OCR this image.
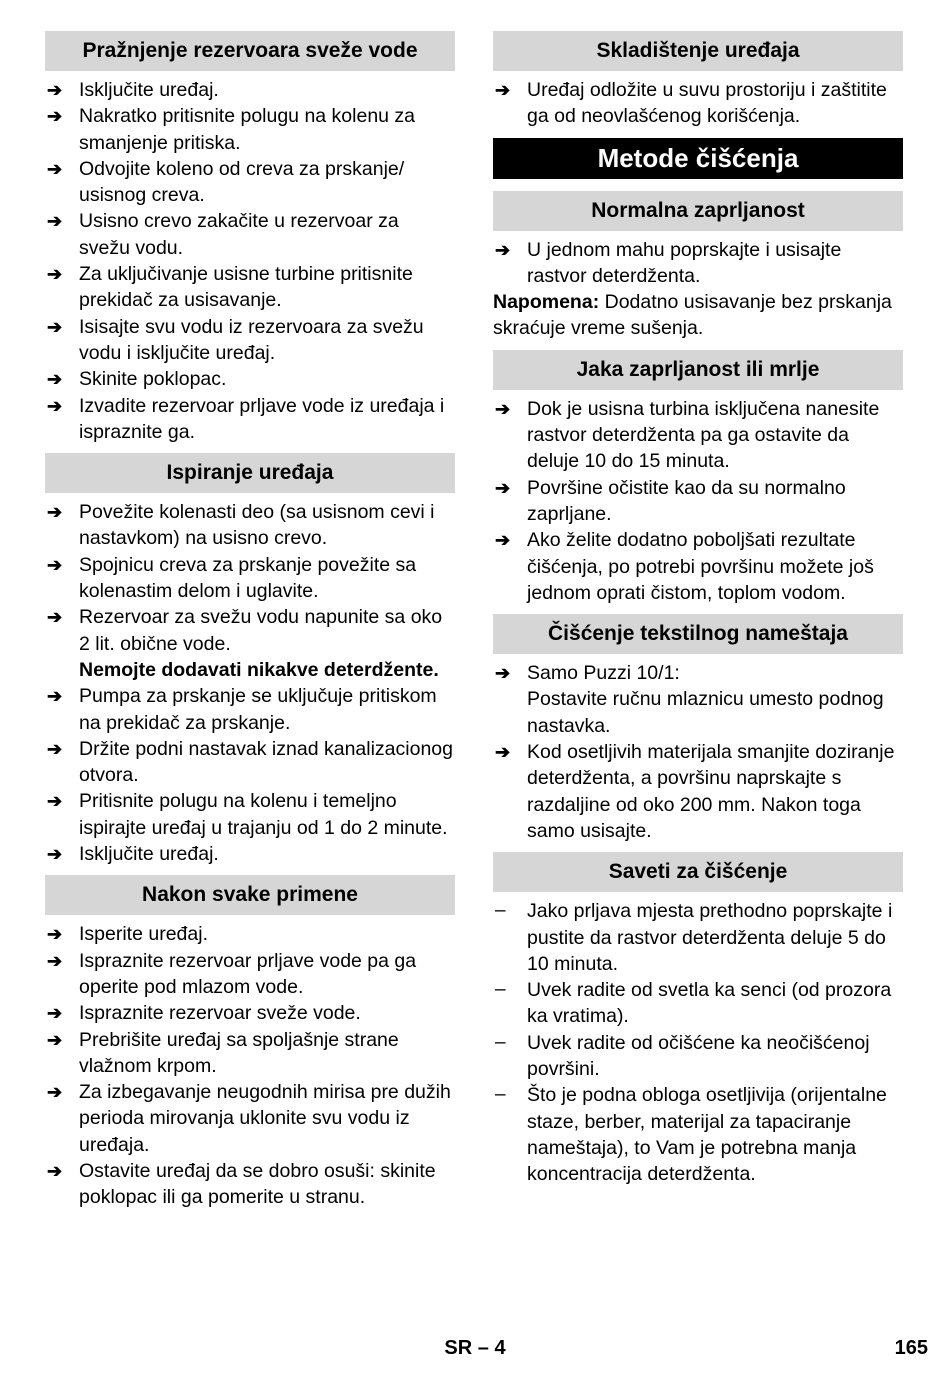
Pražnjenje rezervoara sveže vode
➔ Isključite uređaj.
➔ Nakratko pritisnite polugu na kolenu za smanjenje pritiska.
➔ Odvojite koleno od creva za prskanje/ usisnog creva.
➔ Usisno crevo zakačite u rezervoar za svežu vodu.
➔ Za uključivanje usisne turbine pritisnite prekidač za usisavanje.
➔ Isisajte svu vodu iz rezervoara za svežu vodu i isključite uređaj.
➔ Skinite poklopac.
➔ Izvadite rezervoar prljave vode iz uređaja i ispraznite ga.
Ispiranje uređaja
➔ Povežite kolenasti deo (sa usisnom cevi i nastavkom) na usisno crevo.
➔ Spojnicu creva za prskanje povežite sa kolenastim delom i uglavite.
➔ Rezervoar za svežu vodu napunite sa oko 2 lit. obične vode.
Nemojte dodavati nikakve deterdžente.
➔ Pumpa za prskanje se uključuje pritiskom na prekidač za prskanje.
➔ Držite podni nastavak iznad kanalizacionog otvora.
➔ Pritisnite polugu na kolenu i temeljno ispirajte uređaj u trajanju od 1 do 2 minute.
➔ Isključite uređaj.
Nakon svake primene
➔ Isperite uređaj.
➔ Ispraznite rezervoar prljave vode pa ga operite pod mlazom vode.
➔ Ispraznite rezervoar sveže vode.
➔ Prebrišite uređaj sa spoljašnje strane vlažnom krpom.
➔ Za izbegavanje neugodnih mirisa pre dužih perioda mirovanja uklonite svu vodu iz uređaja.
➔ Ostavite uređaj da se dobro osuši: skinite poklopac ili ga pomerite u stranu.
Skladištenje uređaja
➔ Uređaj odložite u suvu prostoriju i zaštitite ga od neovlašćenog korišćenja.
Metode čišćenja
Normalna zaprljanost
➔ U jednom mahu poprskajte i usisajte rastvor deterdženta.

Napomena: Dodatno usisavanje bez prskanja skraćuje vreme sušenja.

Jaka zaprljanost ili mrlje
➔ Dok je usisna turbina isključena nanesite rastvor deterdženta pa ga ostavite da deluje 10 do 15 minuta.
➔ Površine očistite kao da su normalno zaprljane.
➔ Ako želite dodatno poboljšati rezultate čišćenja, po potrebi površinu možete još jednom oprati čistom, toplom vodom.
Čišćenje tekstilnog nameštaja
➔ Samo Puzzi 10/1:
Postavite ručnu mlaznicu umesto podnog nastavka.
➔ Kod osetljivih materijala smanjite doziranje deterdženta, a površinu naprskajte s razdaljine od oko 200 mm. Nakon toga samo usisajte.
Saveti za čišćenje
– Jako prljava mjesta prethodno poprskajte i pustite da rastvor deterdženta deluje 5 do 10 minuta.
– Uvek radite od svetla ka senci (od prozora ka vratima).
– Uvek radite od očišćene ka neočišćenoj površini.
– Što je podna obloga osetljivija (orijentalne staze, berber, materijal za tapaciranje nameštaja), to Vam je potrebna manja koncentracija deterdženta.
SR – 4	165
